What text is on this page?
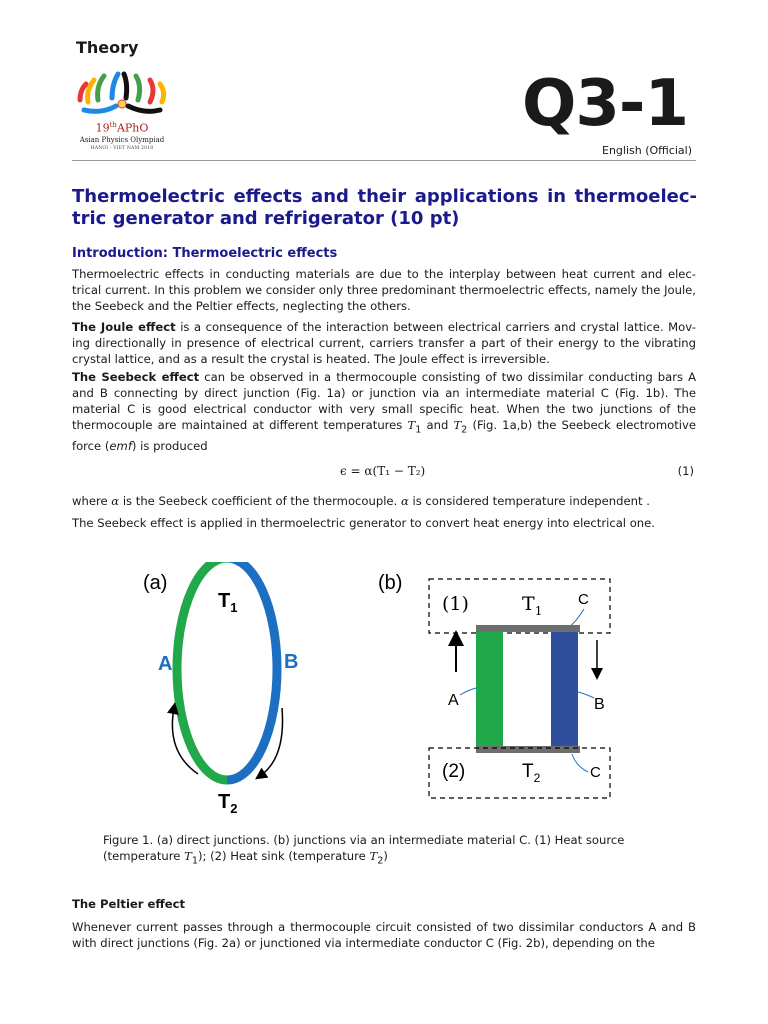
Theory
19thAPhO
Asian Physics Olympiad
HANOI - VIET NAM 2018
Q3-1
English (Official)
Thermoelectric effects and their applications in thermoelec-tric generator and refrigerator (10 pt)
Introduction: Thermoelectric effects
Thermoelectric effects in conducting materials are due to the interplay between heat current and elec-trical current. In this problem we consider only three predominant thermoelectric effects, namely the Joule, the Seebeck and the Peltier effects, neglecting the others.
The Joule effect is a consequence of the interaction between electrical carriers and crystal lattice. Mov-ing directionally in presence of electrical current, carriers transfer a part of their energy to the vibrating crystal lattice, and as a result the crystal is heated. The Joule effect is irreversible.
The Seebeck effect can be observed in a thermocouple consisting of two dissimilar conducting bars A and B connecting by direct junction (Fig. 1a) or junction via an intermediate material C (Fig. 1b). The material C is good electrical conductor with very small specific heat. When the two junctions of the thermocouple are maintained at different temperatures $T_1$ and $T_2$ (Fig. 1a,b) the Seebeck electromotive force (emf) is produced
ϵ = α(T₁ − T₂)	(1)
where α is the Seebeck coefficient of the thermocouple. α is considered temperature independent .
The Seebeck effect is applied in thermoelectric generator to convert heat energy into electrical one.
(a)
$T_1$
$T_2$
A	B
(b)
(1)	$T_1$
C
A	B
(2)	$T_2$	C
Figure 1. (a) direct junctions. (b) junctions via an intermediate material C. (1) Heat source (temperature $T_1$); (2) Heat sink (temperature $T_2$)
The Peltier effect
Whenever current passes through a thermocouple circuit consisted of two dissimilar conductors A and B with direct junctions (Fig. 2a) or junctioned via intermediate conductor C (Fig. 2b), depending on the
